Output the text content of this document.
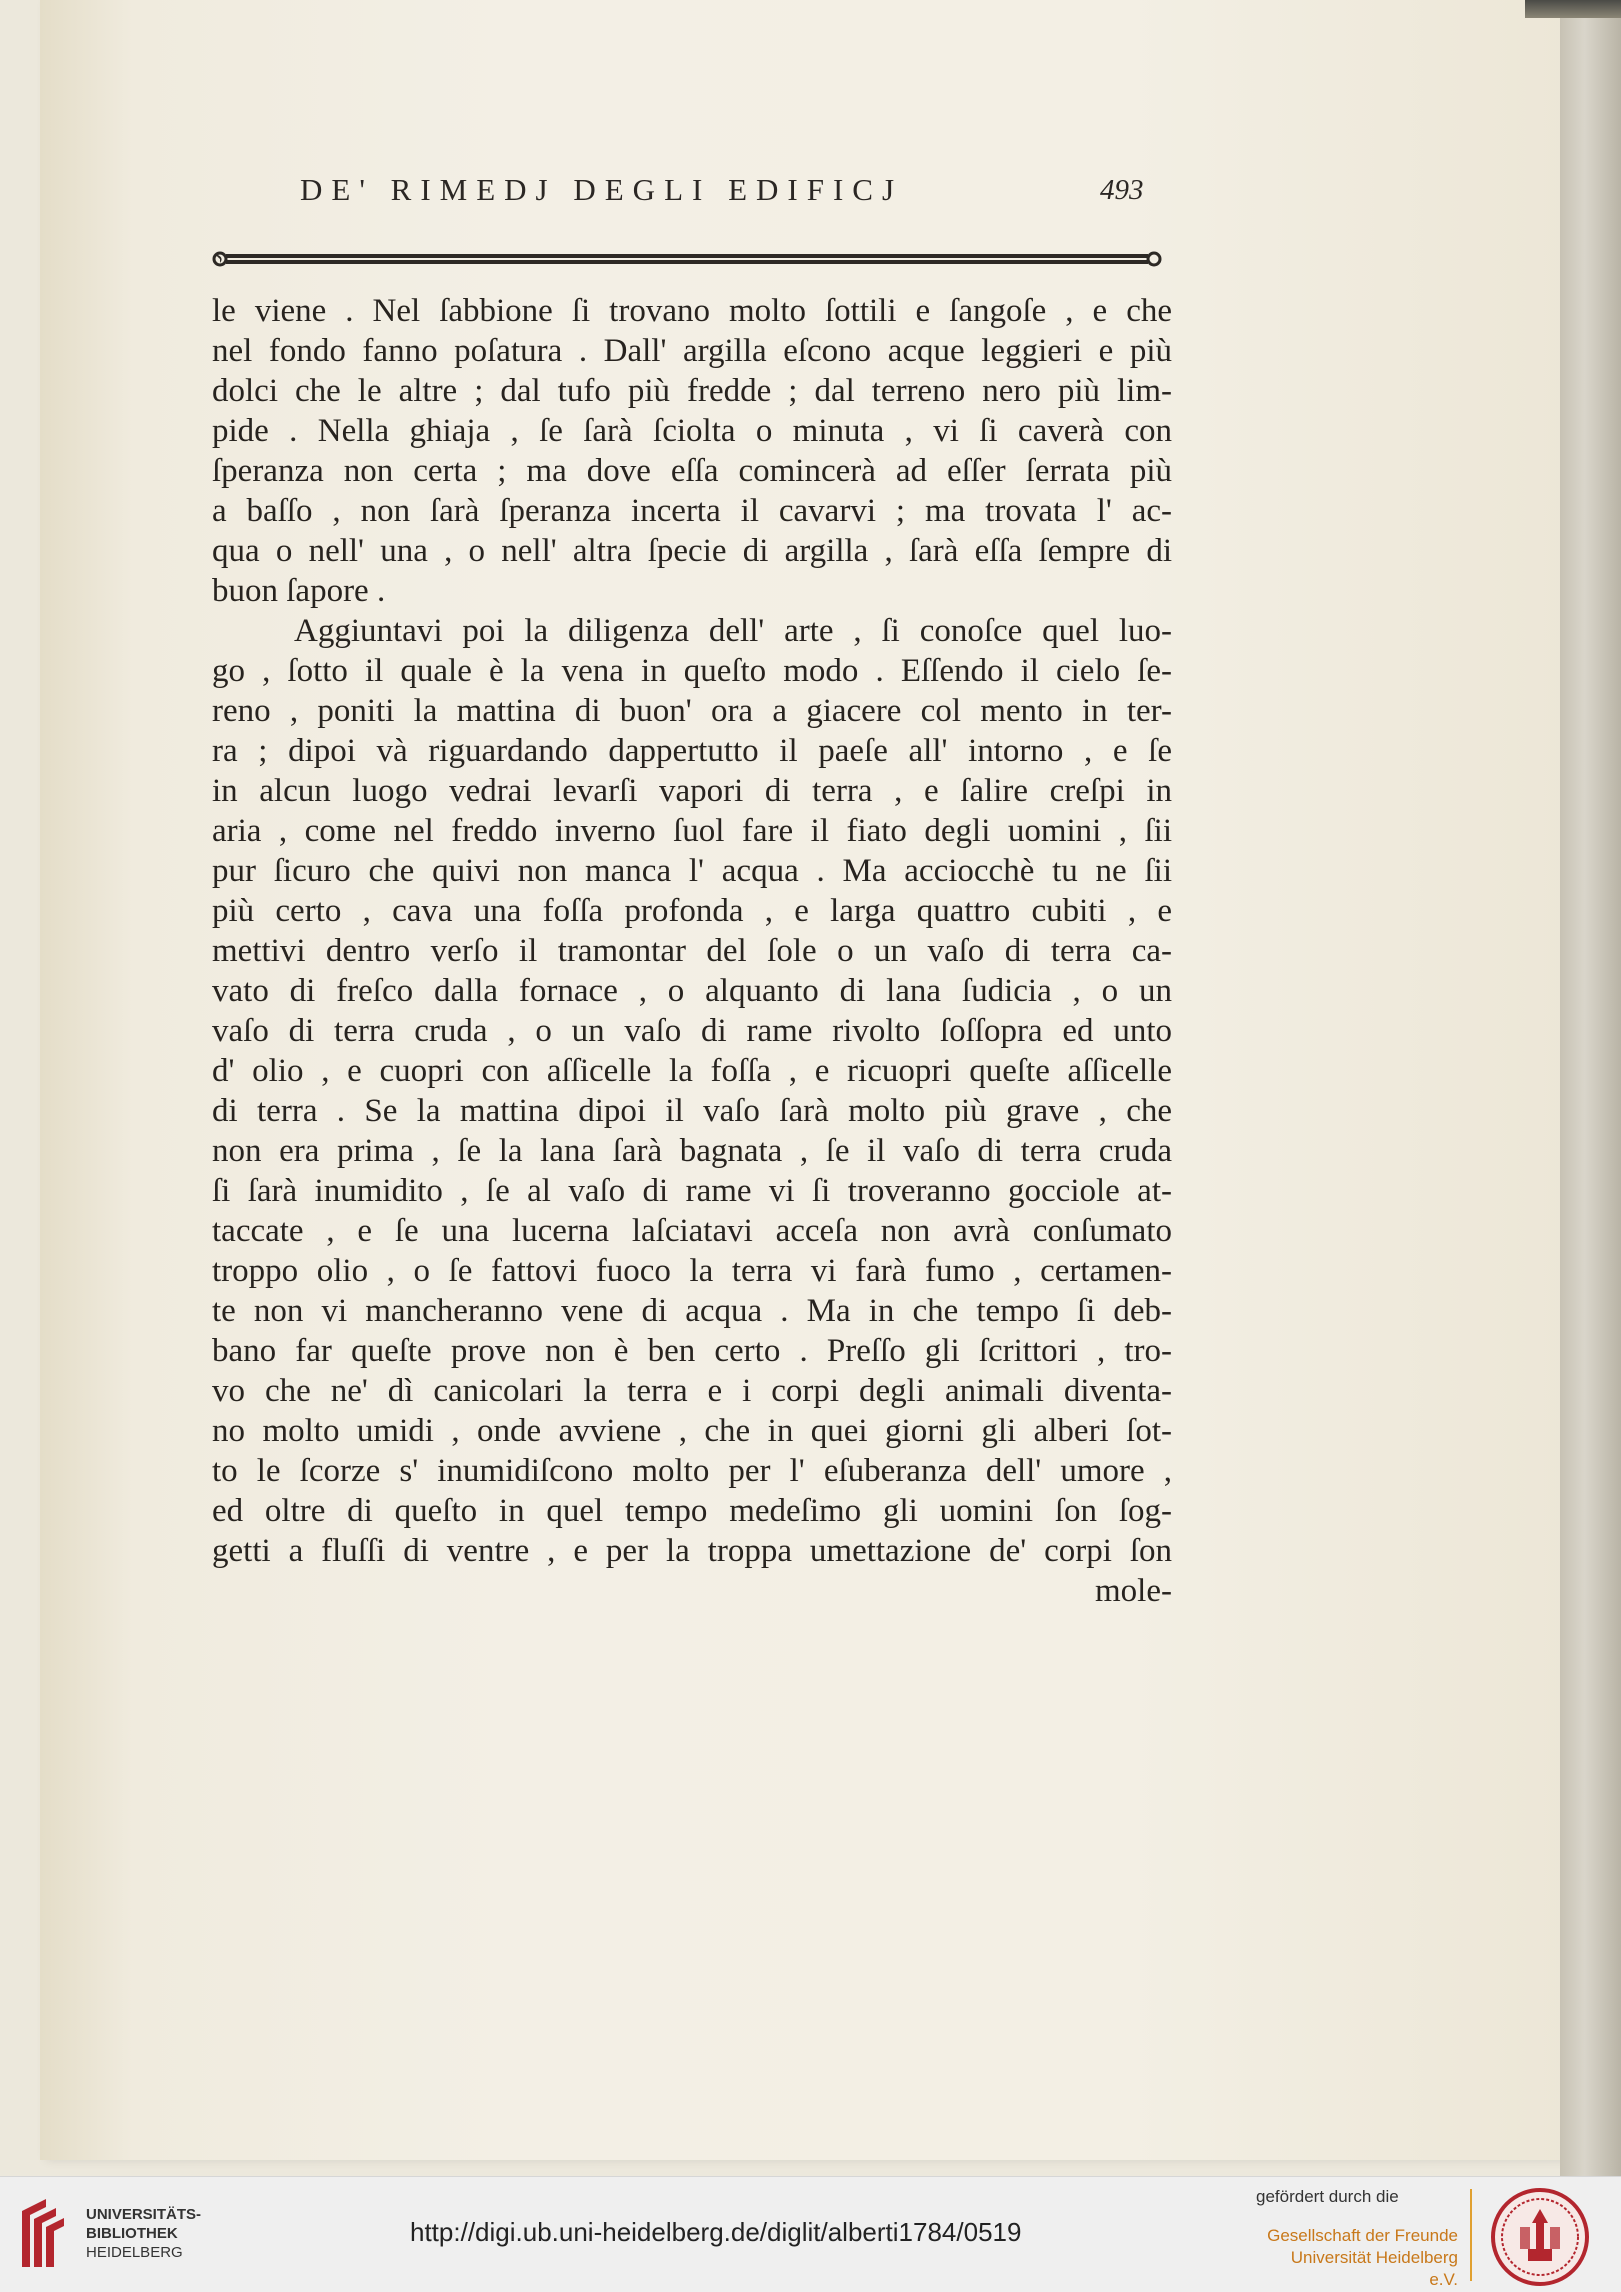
DE' RIMEDJ DEGLI EDIFICJ	493
le viene . Nel ſabbione ſi trovano molto ſottili e ſangoſe , e che
nel fondo fanno poſatura . Dall' argilla eſcono acque leggieri e più
dolci che le altre ; dal tufo più fredde ; dal terreno nero più lim-
pide . Nella ghiaja , ſe ſarà ſciolta o minuta , vi ſi caverà con
ſperanza non certa ; ma dove eſſa comincerà ad eſſer ſerrata più
a baſſo , non ſarà ſperanza incerta il cavarvi ; ma trovata l' ac-
qua o nell' una , o nell' altra ſpecie di argilla , ſarà eſſa ſempre di
buon ſapore .
Aggiuntavi poi la diligenza dell' arte , ſi conoſce quel luo-
go , ſotto il quale è la vena in queſto modo . Eſſendo il cielo ſe-
reno , poniti la mattina di buon' ora a giacere col mento in ter-
ra ; dipoi và riguardando dappertutto il paeſe all' intorno , e ſe
in alcun luogo vedrai levarſi vapori di terra , e ſalire creſpi in
aria , come nel freddo inverno ſuol fare il fiato degli uomini , ſii
pur ſicuro che quivi non manca l' acqua . Ma acciocchè tu ne ſii
più certo , cava una foſſa profonda , e larga quattro cubiti , e
mettivi dentro verſo il tramontar del ſole o un vaſo di terra ca-
vato di freſco dalla fornace , o alquanto di lana ſudicia , o un
vaſo di terra cruda , o un vaſo di rame rivolto ſoſſopra ed unto
d' olio , e cuopri con aſſicelle la foſſa , e ricuopri queſte aſſicelle
di terra . Se la mattina dipoi il vaſo ſarà molto più grave , che
non era prima , ſe la lana ſarà bagnata , ſe il vaſo di terra cruda
ſi ſarà inumidito , ſe al vaſo di rame vi ſi troveranno gocciole at-
taccate , e ſe una lucerna laſciatavi acceſa non avrà conſumato
troppo olio , o ſe fattovi fuoco la terra vi farà fumo , certamen-
te non vi mancheranno vene di acqua . Ma in che tempo ſi deb-
bano far queſte prove non è ben certo . Preſſo gli ſcrittori , tro-
vo che ne' dì canicolari la terra e i corpi degli animali diventa-
no molto umidi , onde avviene , che in quei giorni gli alberi ſot-
to le ſcorze s' inumidiſcono molto per l' eſuberanza dell' umore ,
ed oltre di queſto in quel tempo medeſimo gli uomini ſon ſog-
getti a fluſſi di ventre , e per la troppa umettazione de' corpi ſon
mole-
UNIVERSITÄTS-
BIBLIOTHEK
HEIDELBERG
http://digi.ub.uni-heidelberg.de/diglit/alberti1784/0519
gefördert durch die
Gesellschaft der Freunde
Universität Heidelberg e.V.
